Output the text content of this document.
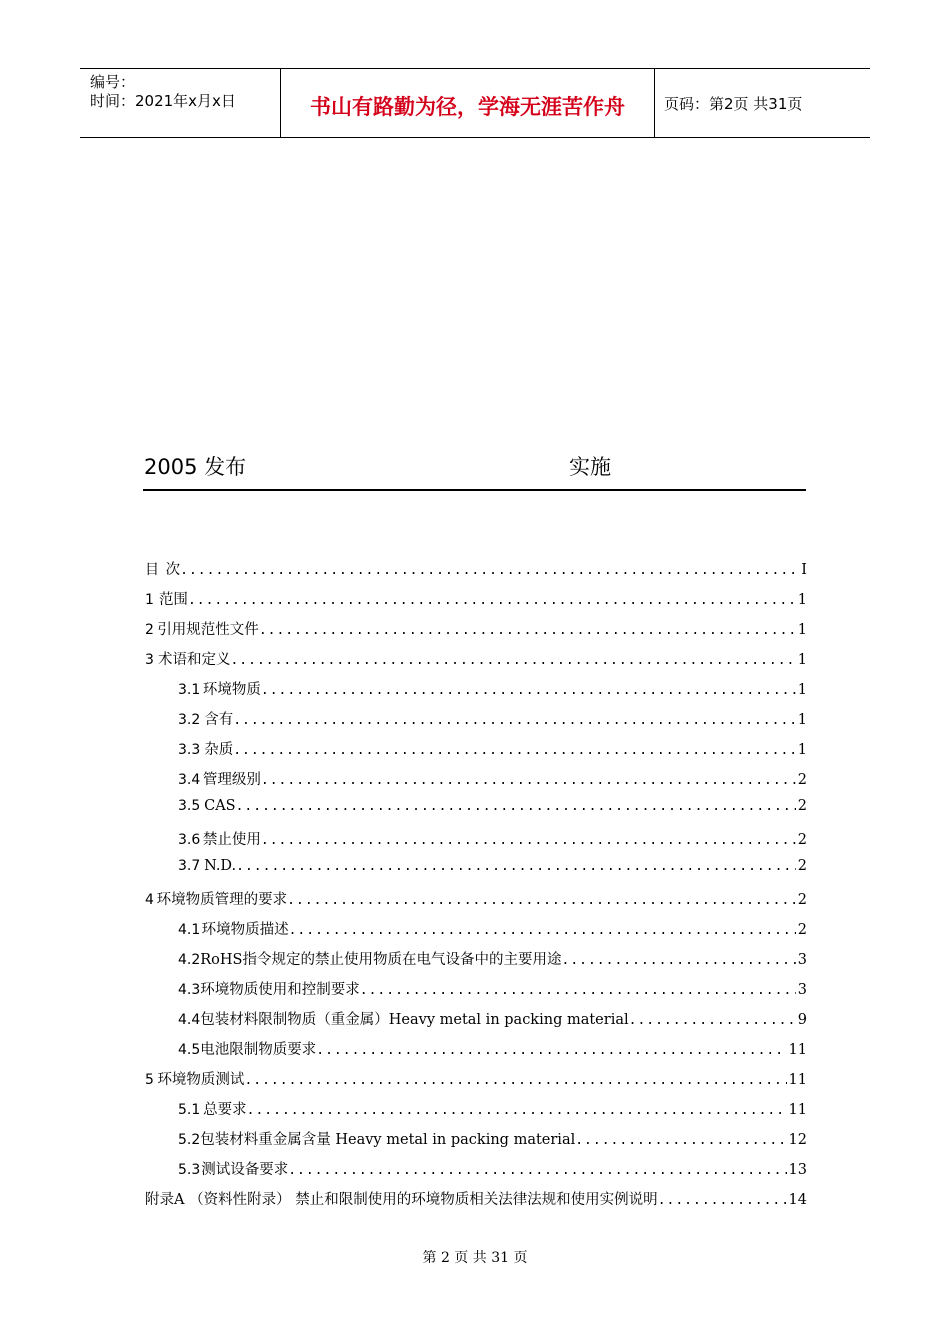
编号：
时间：2021年x月x日	书山有路勤为径，学海无涯苦作舟	页码：第2页 共31页
2005 发布	实施
目 次 .....	I
1 范围 .....	1
2 引用规范性文件 .....	1
3 术语和定义 .....	1
3.1 环境物质 .....	1
3.2 含有 .....	1
3.3 杂质 .....	1
3.4 管理级别 .....	2
3.5 CAS .....	2
3.6 禁止使用 .....	2
3.7 N.D. .....	2
4 环境物质管理的要求 .....	2
4.1 环境物质描述 .....	2
4.2 RoHS指令规定的禁止使用物质在电气设备中的主要用途 .....	3
4.3 环境物质使用和控制要求 .....	3
4.4 包装材料限制物质（重金属）Heavy metal in packing material .....	9
4.5 电池限制物质要求 .....	11
5 环境物质测试 .....	11
5.1 总要求 .....	11
5.2 包装材料重金属含量 Heavy metal in packing material .....	12
5.3 测试设备要求 .....	13
附录A （资料性附录） 禁止和限制使用的环境物质相关法律法规和使用实例说明 .....	14
第 2 页 共 31 页
